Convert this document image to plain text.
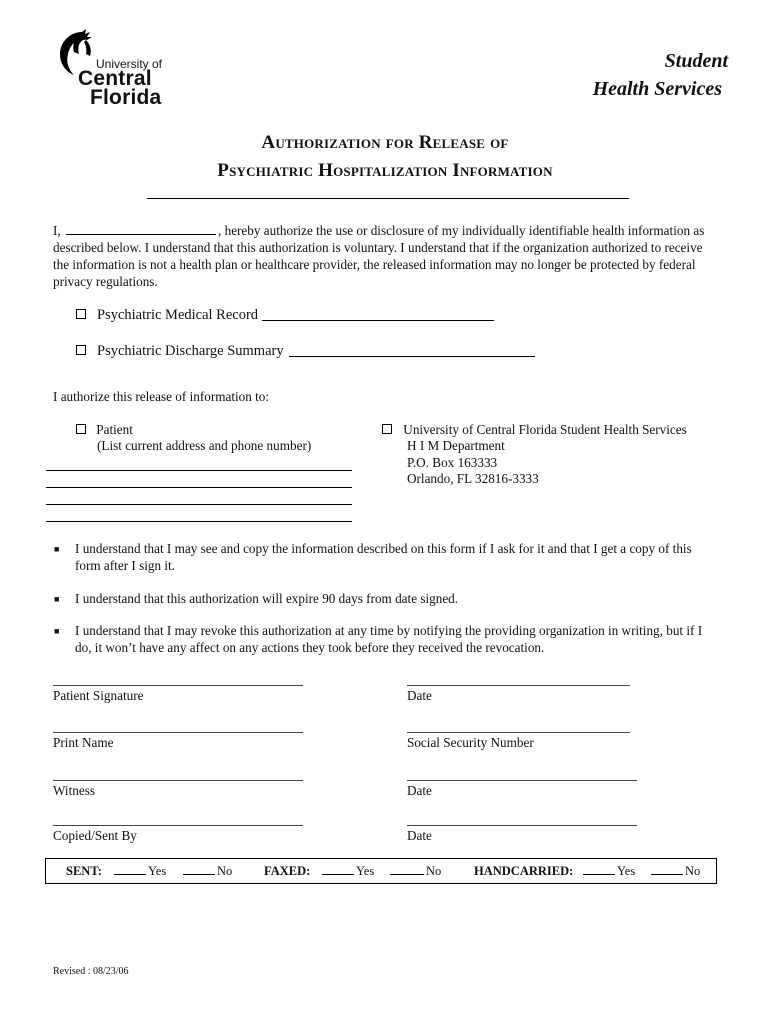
University of
Central
Florida
Student
Health Services
Authorization for Release of
Psychiatric Hospitalization Information
I,	, hereby authorize the use or disclosure of my individually identifiable health information as described below. I understand that this authorization is voluntary. I understand that if the organization authorized to receive the information is not a health plan or healthcare provider, the released information may no longer be protected by federal privacy regulations.
Psychiatric Medical Record
Psychiatric Discharge Summary
I authorize this release of information to:
Patient
(List current address and phone number)
University of Central Florida Student Health Services
H I M Department
P.O. Box 163333
Orlando, FL 32816-3333
■ I understand that I may see and copy the information described on this form if I ask for it and that I get a copy of this form after I sign it.
■ I understand that this authorization will expire 90 days from date signed.
■ I understand that I may revoke this authorization at any time by notifying the providing organization in writing, but if I do, it won’t have any affect on any actions they took before they received the revocation.
Patient Signature	Date
Print Name	Social Security Number
Witness	Date
Copied/Sent By	Date
SENT:	Yes	No	FAXED:	Yes	No	HANDCARRIED:	Yes	No
Revised : 08/23/06
